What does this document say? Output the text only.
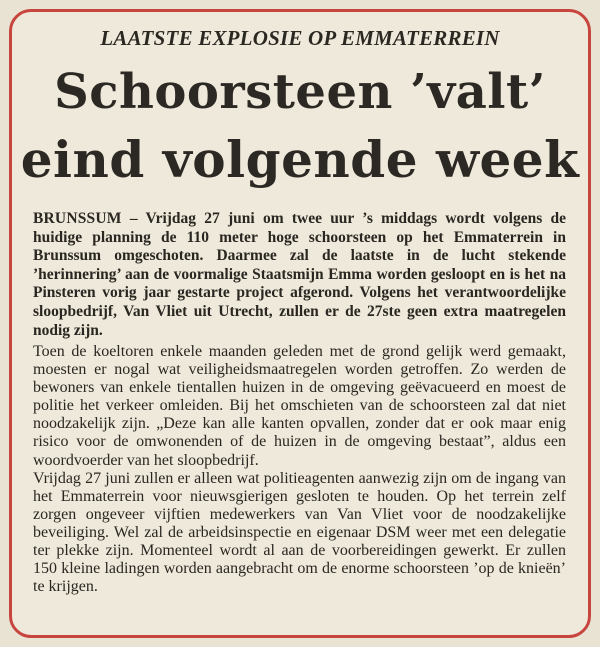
LAATSTE EXPLOSIE OP EMMATERREIN
Schoorsteen ’valt’
eind volgende week
BRUNSSUM – Vrijdag 27 juni om twee uur ’s middags wordt volgens de huidige planning de 110 meter hoge schoorsteen op het Emmaterrein in Brunssum omgeschoten. Daarmee zal de laatste in de lucht stekende ’herinnering’ aan de voormalige Staatsmijn Emma worden gesloopt en is het na Pinsteren vorig jaar gestarte project afgerond. Volgens het verantwoordelijke sloopbedrijf, Van Vliet uit Utrecht, zullen er de 27ste geen extra maatregelen nodig zijn.

Toen de koeltoren enkele maanden geleden met de grond gelijk werd gemaakt, moesten er nogal wat veiligheidsmaatregelen worden getroffen. Zo werden de bewoners van enkele tientallen huizen in de omgeving geëvacueerd en moest de politie het verkeer omleiden. Bij het omschieten van de schoorsteen zal dat niet noodzakelijk zijn. „Deze kan alle kanten opvallen, zonder dat er ook maar enig risico voor de omwonenden of de huizen in de omgeving bestaat”, aldus een woordvoerder van het sloopbedrijf.

Vrijdag 27 juni zullen er alleen wat politieagenten aanwezig zijn om de ingang van het Emmaterrein voor nieuwsgierigen gesloten te houden. Op het terrein zelf zorgen ongeveer vijftien medewerkers van Van Vliet voor de noodzakelijke beveiliging. Wel zal de arbeidsinspectie en eigenaar DSM weer met een delegatie ter plekke zijn. Momenteel wordt al aan de voorbereidingen gewerkt. Er zullen 150 kleine ladingen worden aangebracht om de enorme schoorsteen ’op de knieën’ te krijgen.
